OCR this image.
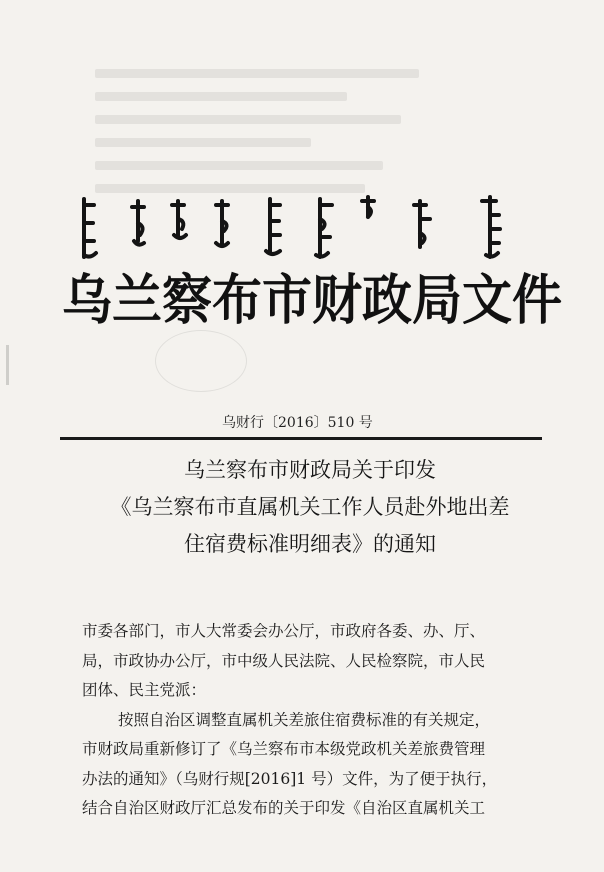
乌兰察布市财政局文件
乌财行〔2016〕510 号
乌兰察布市财政局关于印发
《乌兰察布市直属机关工作人员赴外地出差
住宿费标准明细表》的通知

市委各部门，市人大常委会办公厅，市政府各委、办、厅、

局，市政协办公厅，市中级人民法院、人民检察院，市人民

团体、民主党派：

按照自治区调整直属机关差旅住宿费标准的有关规定，

市财政局重新修订了《乌兰察布市本级党政机关差旅费管理

办法的通知》（乌财行规[2016]1 号）文件，为了便于执行，

结合自治区财政厅汇总发布的关于印发《自治区直属机关工
